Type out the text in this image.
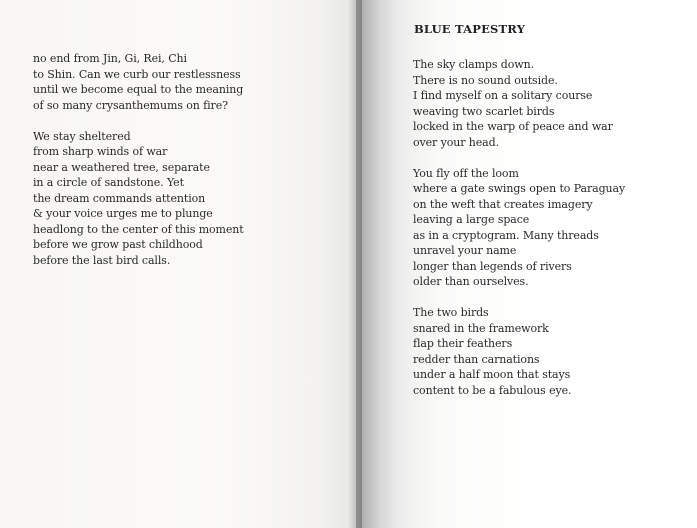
no end from Jin, Gi, Rei, Chi
to Shin. Can we curb our restlessness
until we become equal to the meaning
of so many crysanthemums on fire?
We stay sheltered
from sharp winds of war
near a weathered tree, separate
in a circle of sandstone. Yet
the dream commands attention
& your voice urges me to plunge
headlong to the center of this moment
before we grow past childhood
before the last bird calls.
BLUE TAPESTRY
The sky clamps down.
There is no sound outside.
I find myself on a solitary course
weaving two scarlet birds
locked in the warp of peace and war
over your head.
You fly off the loom
where a gate swings open to Paraguay
on the weft that creates imagery
leaving a large space
as in a cryptogram. Many threads
unravel your name
longer than legends of rivers
older than ourselves.
The two birds
snared in the framework
flap their feathers
redder than carnations
under a half moon that stays
content to be a fabulous eye.
